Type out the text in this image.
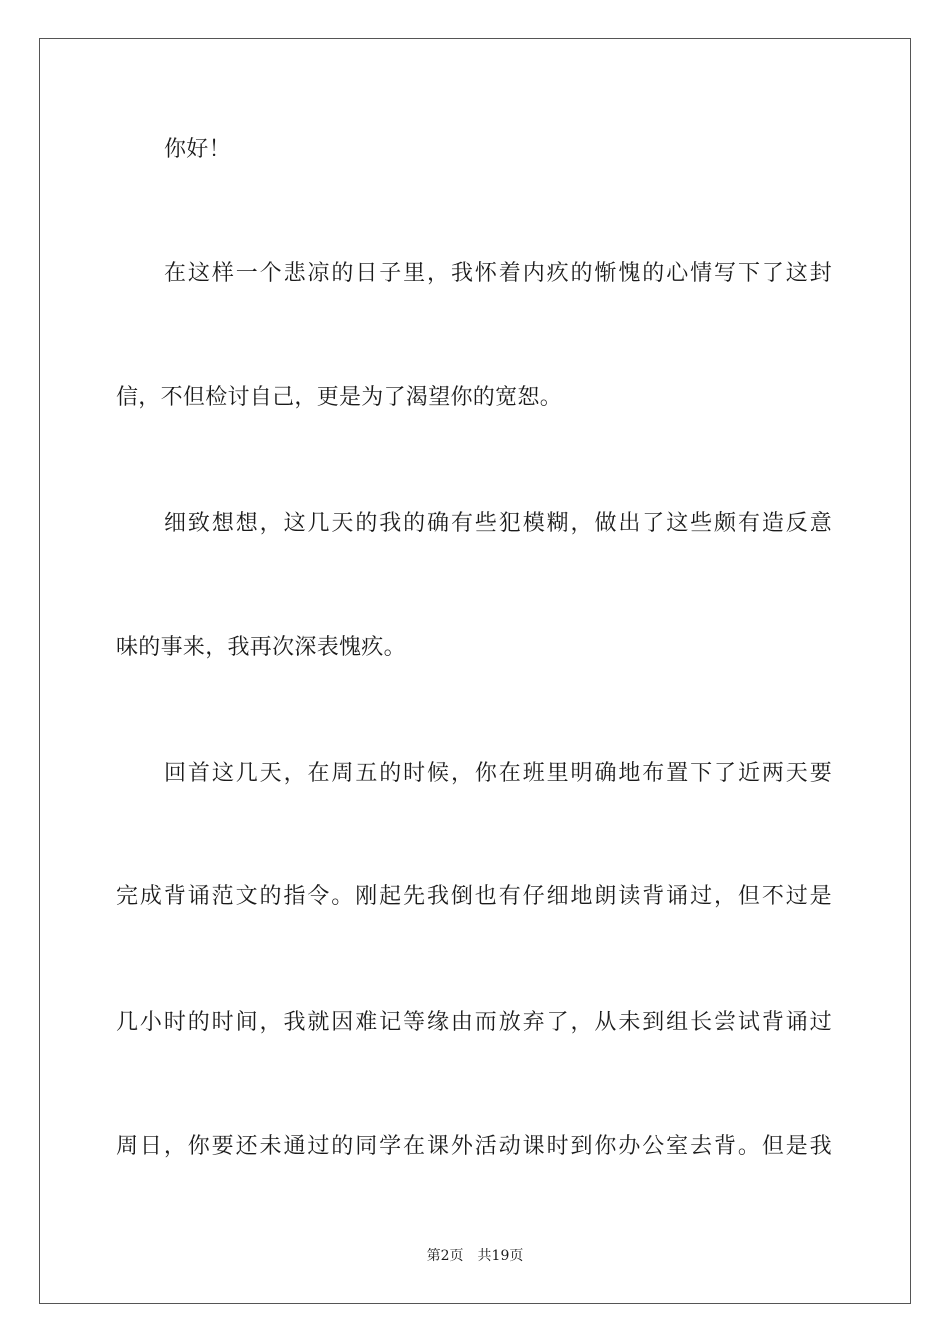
你好！
在这样一个悲凉的日子里，我怀着内疚的惭愧的心情写下了这封
信，不但检讨自己，更是为了渴望你的宽恕。
细致想想，这几天的我的确有些犯模糊，做出了这些颇有造反意
味的事来，我再次深表愧疚。
回首这几天，在周五的时候，你在班里明确地布置下了近两天要
完成背诵范文的指令。刚起先我倒也有仔细地朗读背诵过，但不过是
几小时的时间，我就因难记等缘由而放弃了，从未到组长尝试背诵过
周日，你要还未通过的同学在课外活动课时到你办公室去背。但是我
第2页 共19页
